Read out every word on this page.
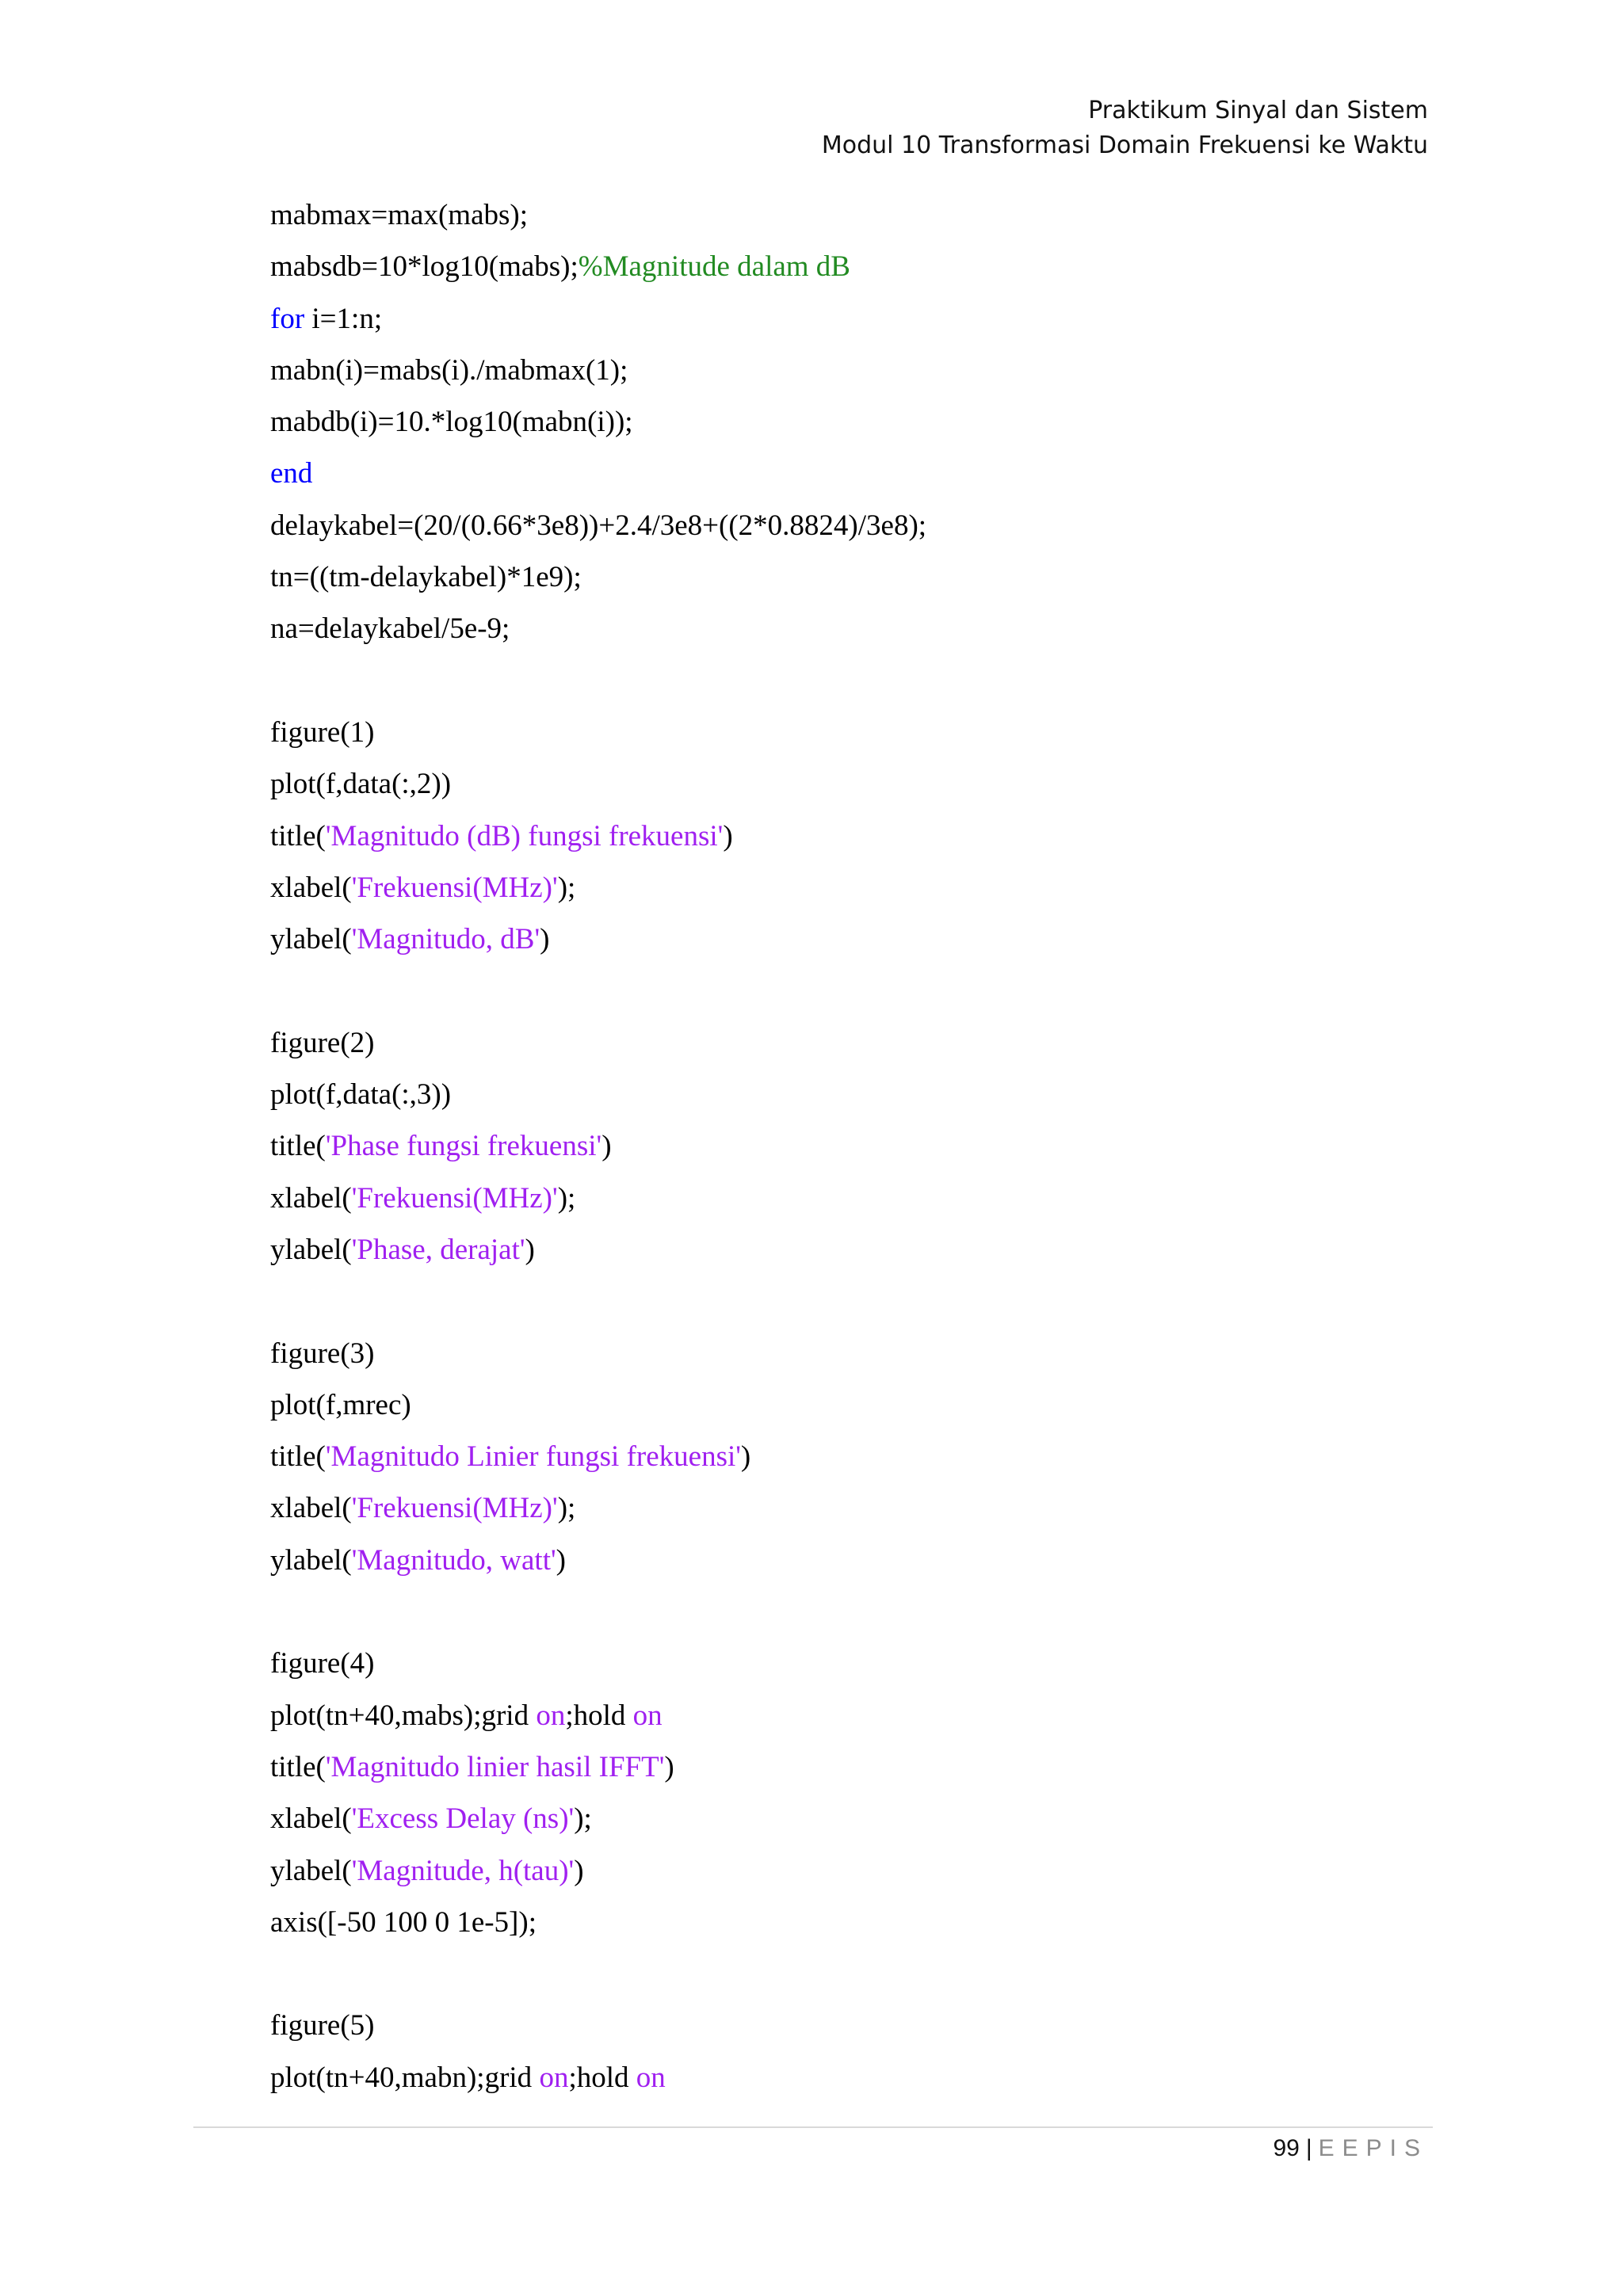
Praktikum Sinyal dan Sistem
Modul 10 Transformasi Domain Frekuensi ke Waktu
mabmax=max(mabs);
mabsdb=10*log10(mabs);%Magnitude dalam dB
for i=1:n;
mabn(i)=mabs(i)./mabmax(1);
mabdb(i)=10.*log10(mabn(i));
end
delaykabel=(20/(0.66*3e8))+2.4/3e8+((2*0.8824)/3e8);
tn=((tm-delaykabel)*1e9);
na=delaykabel/5e-9;
figure(1)
plot(f,data(:,2))
title('Magnitudo (dB) fungsi frekuensi')
xlabel('Frekuensi(MHz)');
ylabel('Magnitudo, dB')
figure(2)
plot(f,data(:,3))
title('Phase fungsi frekuensi')
xlabel('Frekuensi(MHz)');
ylabel('Phase, derajat')
figure(3)
plot(f,mrec)
title('Magnitudo Linier fungsi frekuensi')
xlabel('Frekuensi(MHz)');
ylabel('Magnitudo, watt')
figure(4)
plot(tn+40,mabs);grid on;hold on
title('Magnitudo linier hasil IFFT')
xlabel('Excess Delay (ns)');
ylabel('Magnitude, h(tau)')
axis([-50 100 0 1e-5]);
figure(5)
plot(tn+40,mabn);grid on;hold on
99 | EEPIS
